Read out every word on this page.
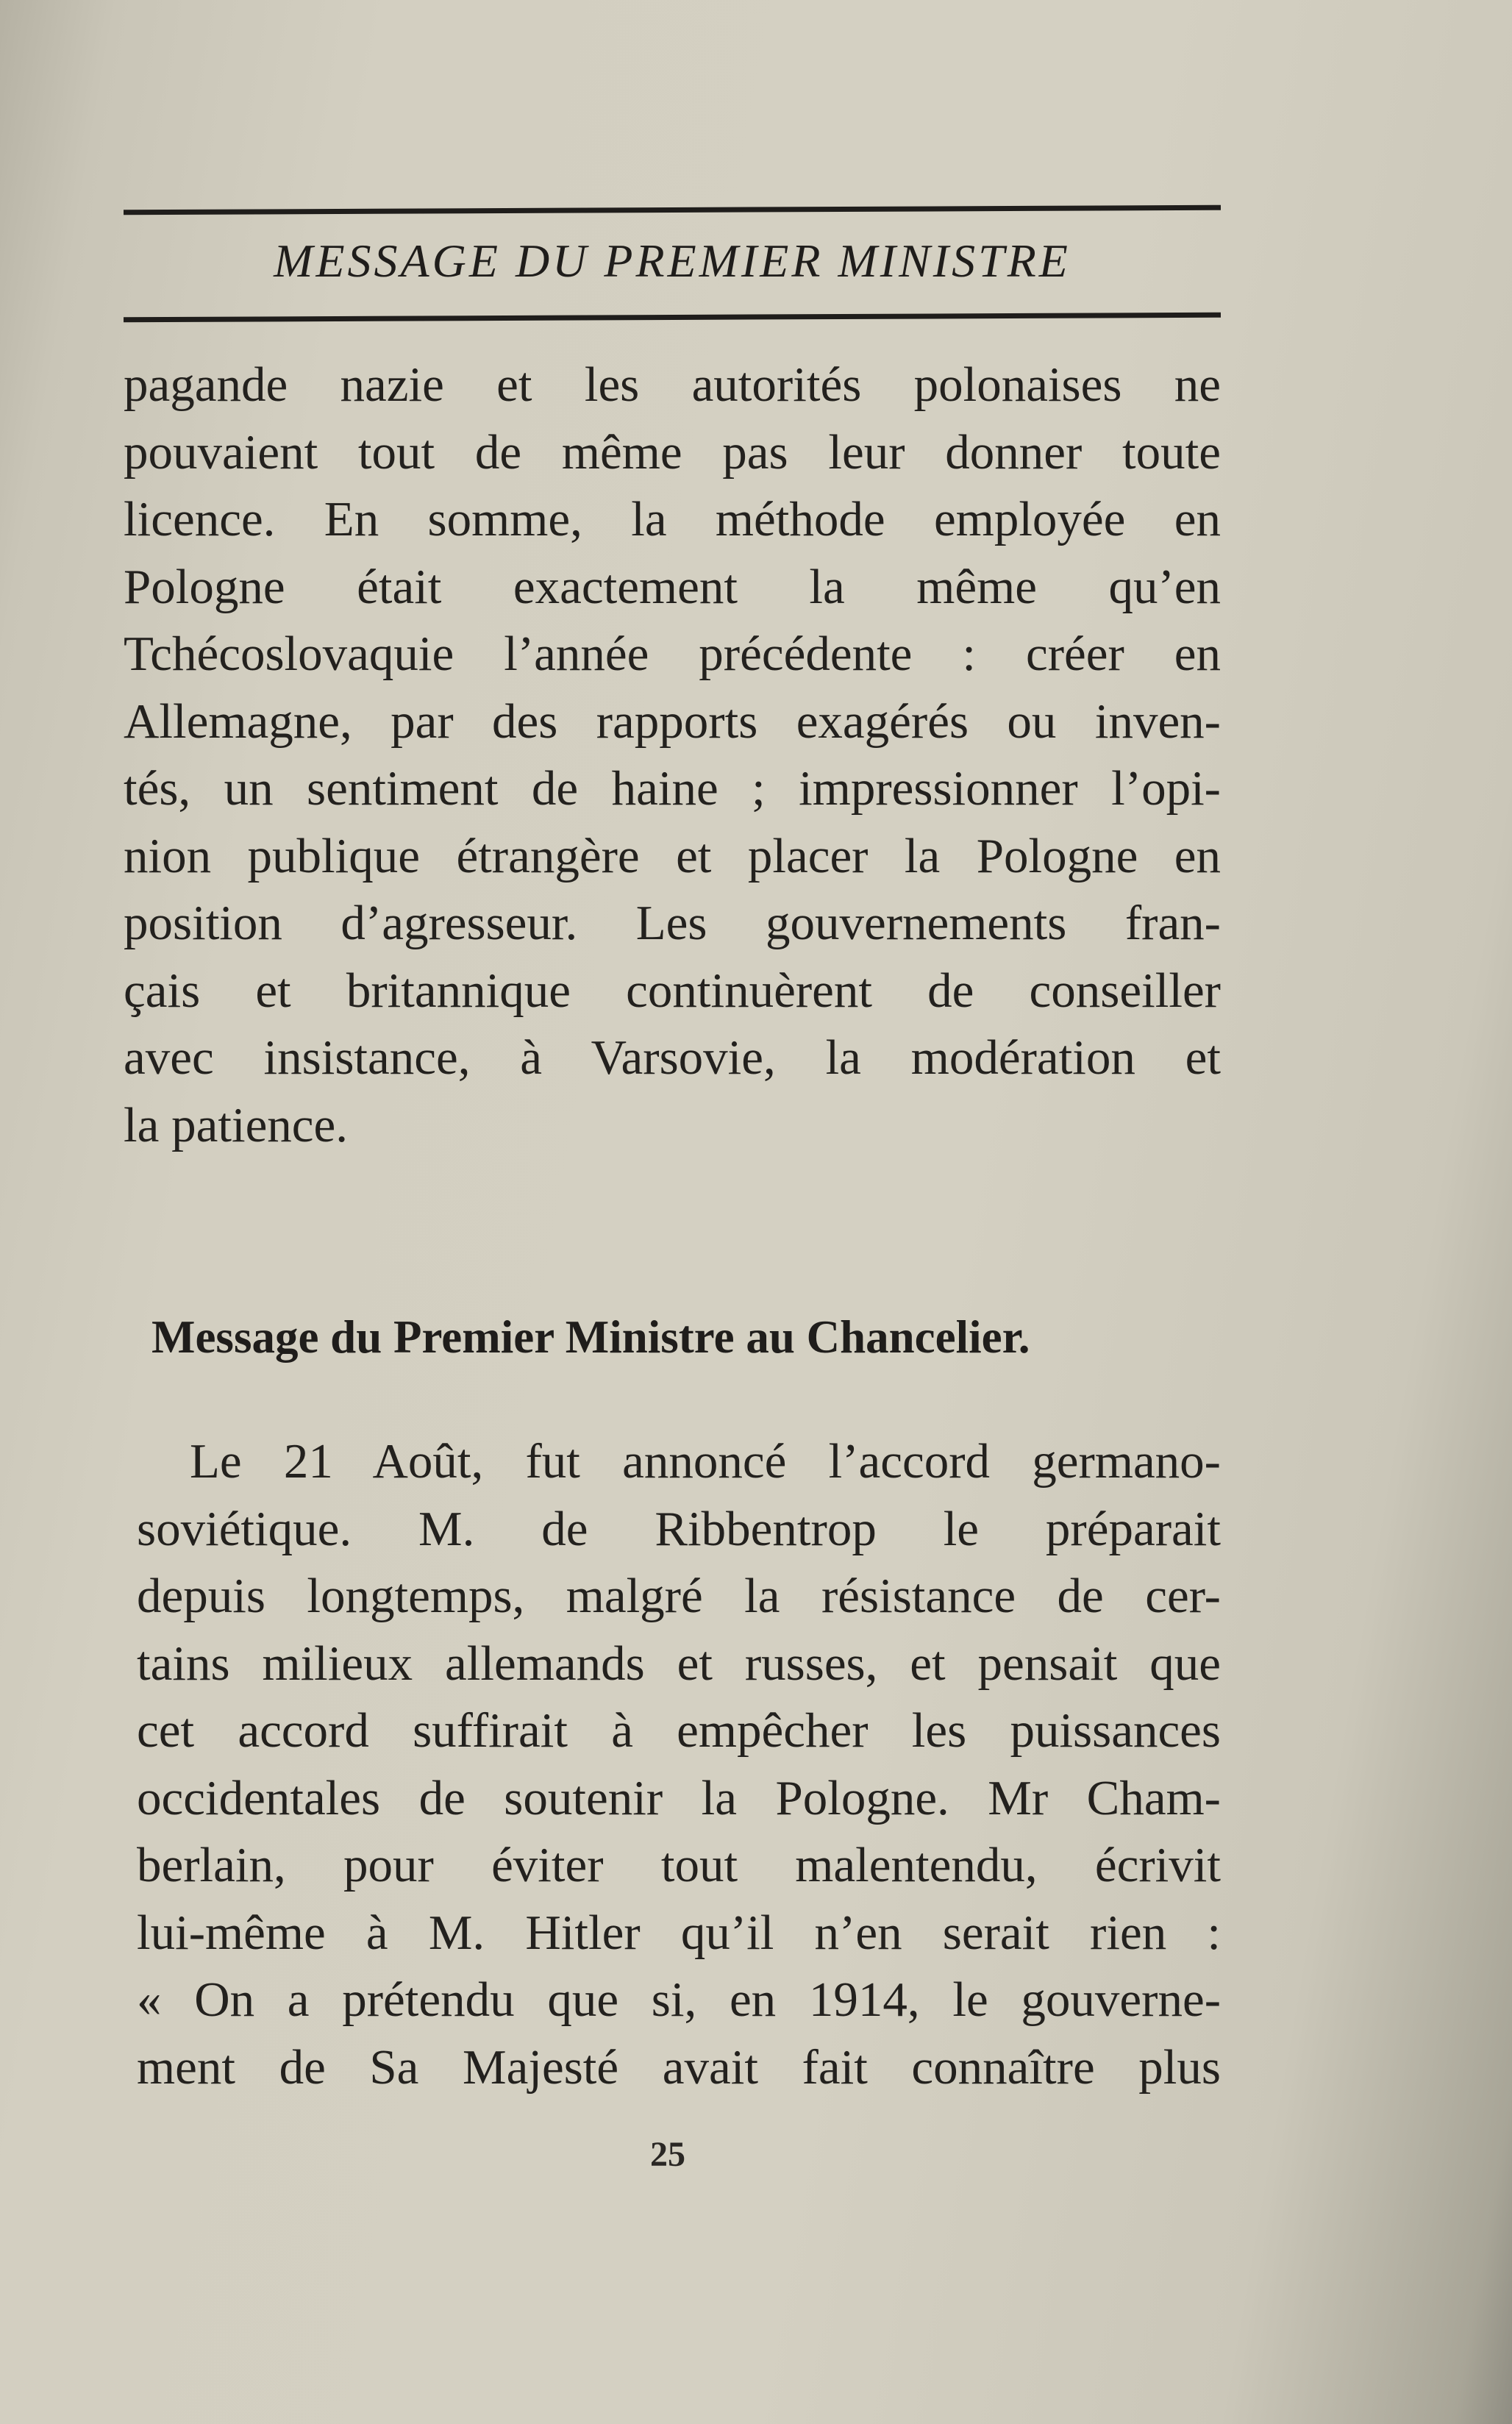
MESSAGE DU PREMIER MINISTRE
pagande nazie et les autorités polonaises ne
pouvaient tout de même pas leur donner toute
licence. En somme, la méthode employée en
Pologne était exactement la même qu’en
Tchécoslovaquie l’année précédente : créer en
Allemagne, par des rapports exagérés ou inven-
tés, un sentiment de haine ; impressionner l’opi-
nion publique étrangère et placer la Pologne en
position d’agresseur. Les gouvernements fran-
çais et britannique continuèrent de conseiller
avec insistance, à Varsovie, la modération et
la patience.
Message du Premier Ministre au Chancelier.
Le 21 Août, fut annoncé l’accord germano-
soviétique. M. de Ribbentrop le préparait
depuis longtemps, malgré la résistance de cer-
tains milieux allemands et russes, et pensait que
cet accord suffirait à empêcher les puissances
occidentales de soutenir la Pologne. Mr Cham-
berlain, pour éviter tout malentendu, écrivit
lui-même à M. Hitler qu’il n’en serait rien :
« On a prétendu que si, en 1914, le gouverne-
ment de Sa Majesté avait fait connaître plus
25
